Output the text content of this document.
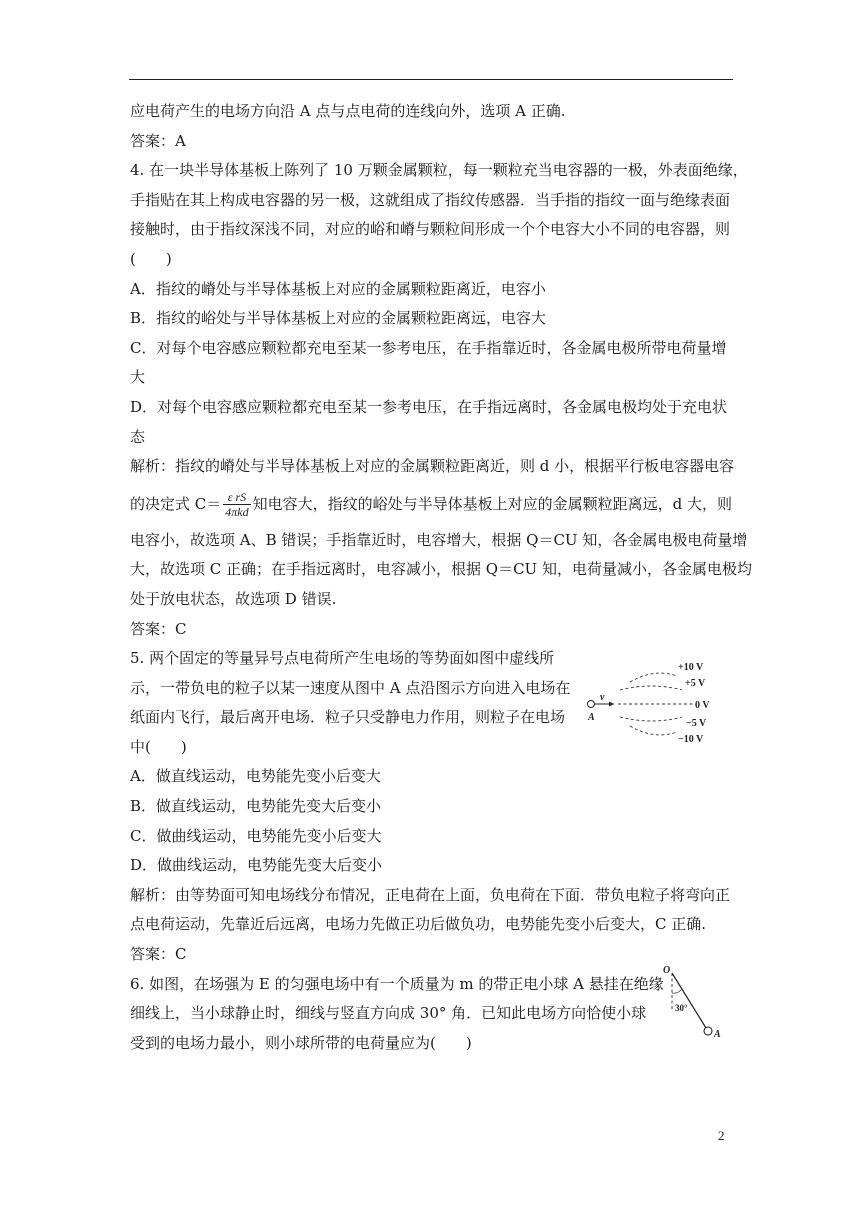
应电荷产生的电场方向沿 A 点与点电荷的连线向外，选项 A 正确.
答案：A
4. 在一块半导体基板上陈列了 10 万颗金属颗粒，每一颗粒充当电容器的一极，外表面绝缘，
手指贴在其上构成电容器的另一极，这就组成了指纹传感器．当手指的指纹一面与绝缘表面
接触时，由于指纹深浅不同，对应的峪和嵴与颗粒间形成一个个电容大小不同的电容器，则
(　　)
A．指纹的嵴处与半导体基板上对应的金属颗粒距离近，电容小
B．指纹的峪处与半导体基板上对应的金属颗粒距离远，电容大
C．对每个电容感应颗粒都充电至某一参考电压，在手指靠近时，各金属电极所带电荷量增
大
D．对每个电容感应颗粒都充电至某一参考电压，在手指远离时，各金属电极均处于充电状
态
解析：指纹的嵴处与半导体基板上对应的金属颗粒距离近，则 d 小，根据平行板电容器电容
的决定式 $C= \frac{\text{ε rS}}{\text{4πkd}}$ 知电容大，指纹的峪处与半导体基板上对应的金属颗粒距离远，d 大，则
电容小，故选项 A、B 错误；手指靠近时，电容增大，根据 Q＝CU 知，各金属电极电荷量增
大，故选项 C 正确；在手指远离时，电容减小，根据 Q＝CU 知，电荷量减小，各金属电极均
处于放电状态，故选项 D 错误.
答案：C
5. 两个固定的等量异号点电荷所产生电场的等势面如图中虚线所
示，一带负电的粒子以某一速度从图中 A 点沿图示方向进入电场在
纸面内飞行，最后离开电场．粒子只受静电力作用，则粒子在电场
中(　　)
A．做直线运动，电势能先变小后变大
B．做直线运动，电势能先变大后变小
C．做曲线运动，电势能先变小后变大
D．做曲线运动，电势能先变大后变小
解析：由等势面可知电场线分布情况，正电荷在上面，负电荷在下面．带负电粒子将弯向正
点电荷运动，先靠近后远离，电场力先做正功后做负功，电势能先变小后变大，C 正确.
答案：C
6. 如图，在场强为 E 的匀强电场中有一个质量为 m 的带正电小球 A 悬挂在绝缘
细线上，当小球静止时，细线与竖直方向成 30° 角．已知此电场方向恰使小球
受到的电场力最小，则小球所带的电荷量应为(　　)
v
A
+10 V
+5 V
0 V
−5 V
−10 V
O
30°
A
2
